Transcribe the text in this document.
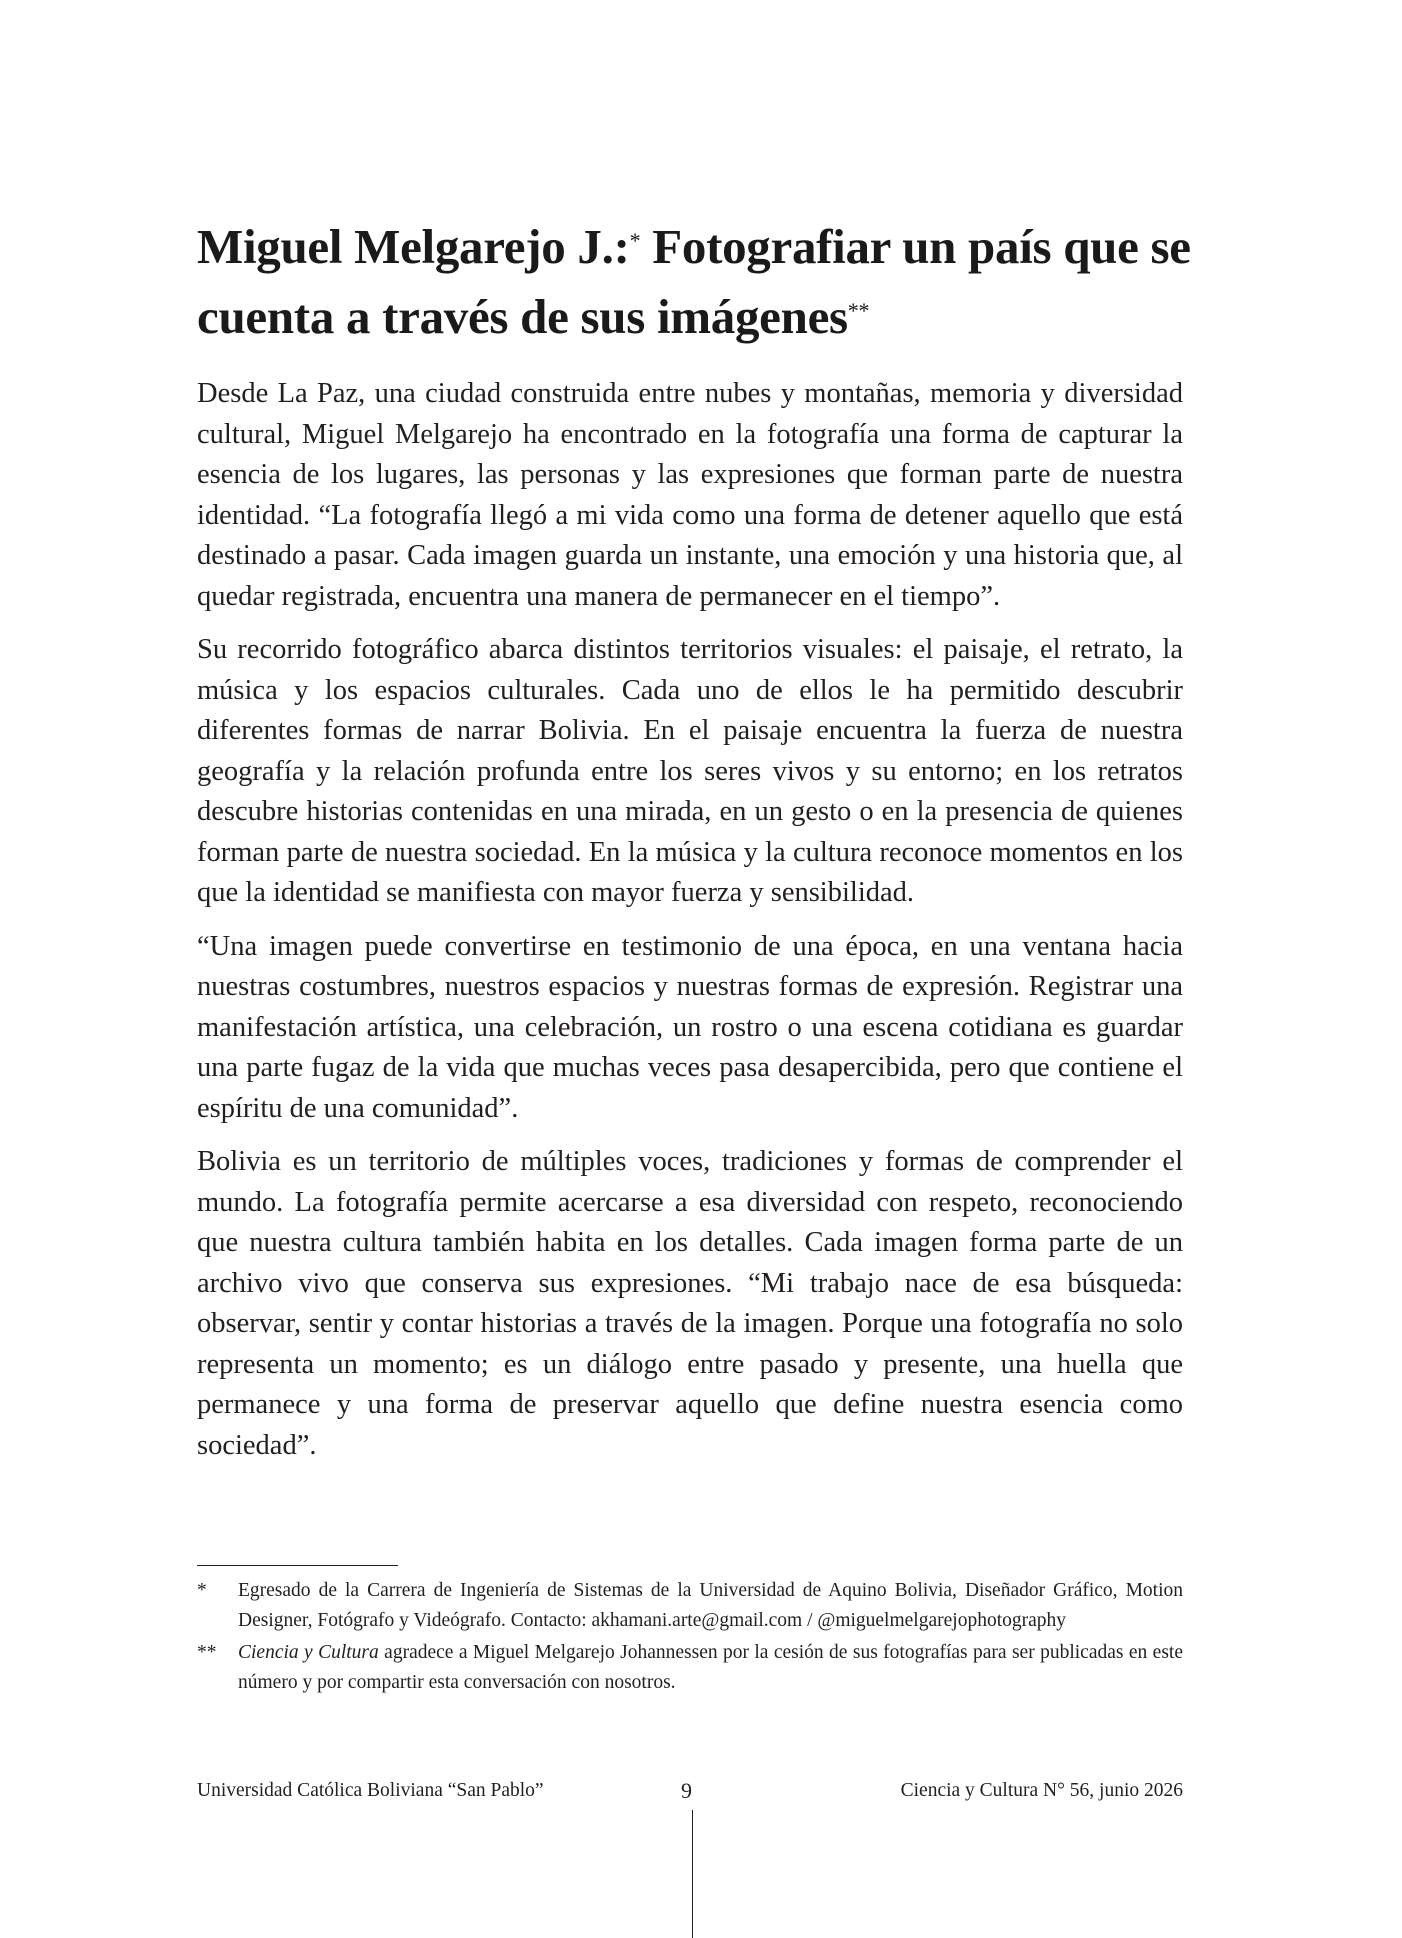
Miguel Melgarejo J.:* Fotografiar un país que se cuenta a través de sus imágenes**

Desde La Paz, una ciudad construida entre nubes y montañas, memoria y diversidad cultural, Miguel Melgarejo ha encontrado en la fotografía una forma de capturar la esencia de los lugares, las personas y las expresiones que forman parte de nuestra identidad. “La fotografía llegó a mi vida como una forma de detener aquello que está destinado a pasar. Cada imagen guarda un instante, una emoción y una historia que, al quedar registrada, encuentra una manera de permanecer en el tiempo”.

Su recorrido fotográfico abarca distintos territorios visuales: el paisaje, el retrato, la música y los espacios culturales. Cada uno de ellos le ha permitido descubrir diferentes formas de narrar Bolivia. En el paisaje encuentra la fuerza de nuestra geografía y la relación profunda entre los seres vivos y su entorno; en los retratos descubre historias contenidas en una mirada, en un gesto o en la presencia de quienes forman parte de nuestra sociedad. En la música y la cultura reconoce momentos en los que la identidad se manifiesta con mayor fuerza y sensibilidad.

“Una imagen puede convertirse en testimonio de una época, en una ventana hacia nuestras costumbres, nuestros espacios y nuestras formas de expresión. Registrar una manifestación artística, una celebración, un rostro o una escena cotidiana es guardar una parte fugaz de la vida que muchas veces pasa desapercibida, pero que contiene el espíritu de una comunidad”.

Bolivia es un territorio de múltiples voces, tradiciones y formas de comprender el mundo. La fotografía permite acercarse a esa diversidad con respeto, reconociendo que nuestra cultura también habita en los detalles. Cada imagen forma parte de un archivo vivo que conserva sus expresiones. “Mi trabajo nace de esa búsqueda: observar, sentir y contar historias a través de la imagen. Porque una fotografía no solo representa un momento; es un diálogo entre pasado y presente, una huella que permanece y una forma de preservar aquello que define nuestra esencia como sociedad”.

*	Egresado de la Carrera de Ingeniería de Sistemas de la Universidad de Aquino Bolivia, Diseñador Gráfico, Motion Designer, Fotógrafo y Videógrafo. Contacto: akhamani.arte@gmail.com / @miguelmelgarejophotography
**	Ciencia y Cultura agradece a Miguel Melgarejo Johannessen por la cesión de sus fotografías para ser publicadas en este número y por compartir esta conversación con nosotros.
Universidad Católica Boliviana “San Pablo”	9	Ciencia y Cultura N° 56, junio 2026
